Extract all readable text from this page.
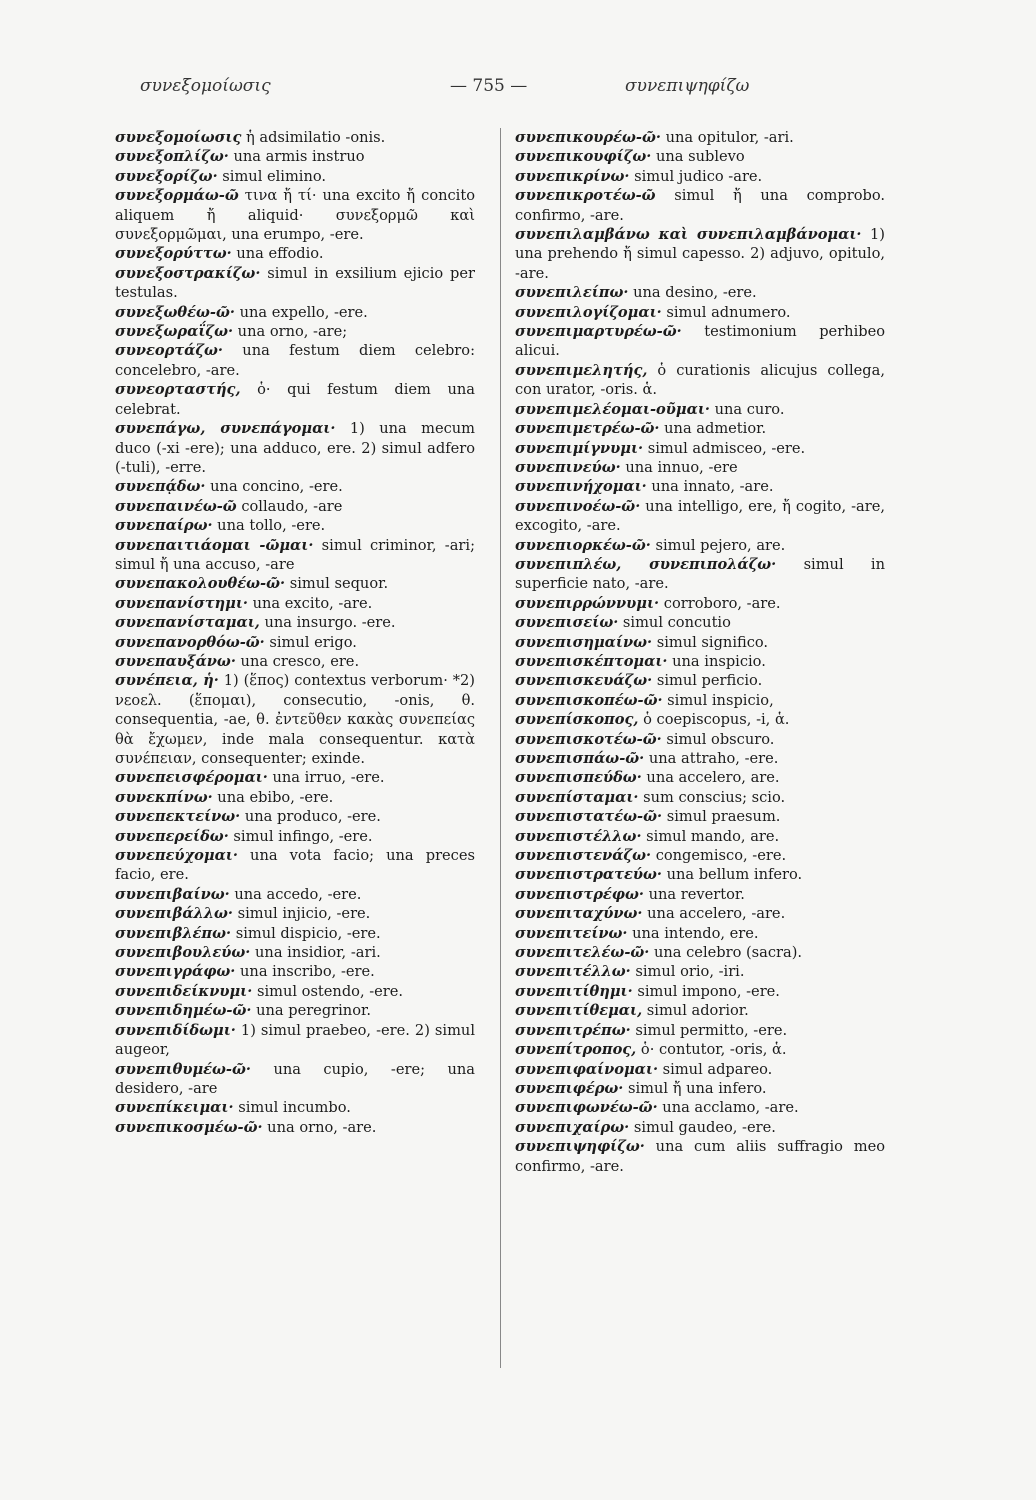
συνεξομοίωσις	— 755 —	συνεπιψηφίζω

συνεξομοίωσις ἡ adsimilatio -onis.

συνεξοπλίζω· una armis instruo

συνεξορίζω· simul elimino.

συνεξορμάω-ῶ τινα ἤ τί· una excito ἤ concito aliquem ἤ aliquid· συνεξορμῶ καὶ συνεξορμῶμαι, una erumpo, -ere.

συνεξορύττω· una effodio.

συνεξοστρακίζω· simul in exsilium ejicio per testulas.

συνεξωθέω-ῶ· una expello, -ere.

συνεξωραΐζω· una orno, -are;

συνεορτάζω· una festum diem celebro: concelebro, -are.

συνεορταστής, ὁ· qui festum diem una celebrat.

συνεπάγω, συνεπάγομαι· 1) una mecum duco (-xi -ere); una adduco, ere. 2) simul adfero (-tuli), -erre.

συνεπᾴδω· una concino, -ere.

συνεπαινέω-ῶ collaudo, -are

συνεπαίρω· una tollo, -ere.

συνεπαιτιάομαι -ῶμαι· simul criminor, -ari; simul ἤ una accuso, -are

συνεπακολουθέω-ῶ· simul sequor.

συνεπανίστημι· una excito, -are.

συνεπανίσταμαι, una insurgo. -ere.

συνεπανορθόω-ῶ· simul erigo.

συνεπαυξάνω· una cresco, ere.

συνέπεια, ἡ· 1) (ἕπος) contextus verborum· *2) νεοελ. (ἕπομαι), consecutio, -onis, θ. consequentia, -ae, θ. ἐντεῦθεν κακὰς συνεπείας θὰ ἔχωμεν, inde mala consequentur. κατὰ συνέπειαν, consequenter; exinde.

συνεπεισφέρομαι· una irruo, -ere.

συνεκπίνω· una ebibo, -ere.

συνεπεκτείνω· una produco, -ere.

συνεπερείδω· simul infingo, -ere.

συνεπεύχομαι· una vota facio; una preces facio, ere.

συνεπιβαίνω· una accedo, -ere.

συνεπιβάλλω· simul injicio, -ere.

συνεπιβλέπω· simul dispicio, -ere.

συνεπιβουλεύω· una insidior, -ari.

συνεπιγράφω· una inscribo, -ere.

συνεπιδείκνυμι· simul ostendo, -ere.

συνεπιδημέω-ῶ· una peregrinor.

συνεπιδίδωμι· 1) simul praebeo, -ere. 2) simul augeor,

συνεπιθυμέω-ῶ· una cupio, -ere; una desidero, -are

συνεπίκειμαι· simul incumbo.

συνεπικοσμέω-ῶ· una orno, -are.

συνεπικουρέω-ῶ· una opitulor, -ari.

συνεπικουφίζω· una sublevo

συνεπικρίνω· simul judico -are.

συνεπικροτέω-ῶ simul ἤ una comprobo. confirmo, -are.

συνεπιλαμβάνω καὶ συνεπιλαμβάνομαι· 1) una prehendo ἤ simul capesso. 2) adjuvo, opitulo, -are.

συνεπιλείπω· una desino, -ere.

συνεπιλογίζομαι· simul adnumero.

συνεπιμαρτυρέω-ῶ· testimonium perhibeo alicui.

συνεπιμελητής, ὁ curationis alicujus collega, con urator, -oris. ἁ.

συνεπιμελέομαι-οῦμαι· una curo.

συνεπιμετρέω-ῶ· una admetior.

συνεπιμίγνυμι· simul admisceo, -ere.

συνεπινεύω· una innuo, -ere

συνεπινήχομαι· una innato, -are.

συνεπινοέω-ῶ· una intelligo, ere, ἤ cogito, -are, excogito, -are.

συνεπιορκέω-ῶ· simul pejero, are.

συνεπιπλέω, συνεπιπολάζω· simul in superficie nato, -are.

συνεπιρρώννυμι· corroboro, -are.

συνεπισείω· simul concutio

συνεπισημαίνω· simul significo.

συνεπισκέπτομαι· una inspicio.

συνεπισκευάζω· simul perficio.

συνεπισκοπέω-ῶ· simul inspicio,

συνεπίσκοπος, ὁ coepiscopus, -i, ἁ.

συνεπισκοτέω-ῶ· simul obscuro.

συνεπισπάω-ῶ· una attraho, -ere.

συνεπισπεύδω· una accelero, are.

συνεπίσταμαι· sum conscius; scio.

συνεπιστατέω-ῶ· simul praesum.

συνεπιστέλλω· simul mando, are.

συνεπιστενάζω· congemisco, -ere.

συνεπιστρατεύω· una bellum infero.

συνεπιστρέφω· una revertor.

συνεπιταχύνω· una accelero, -are.

συνεπιτείνω· una intendo, ere.

συνεπιτελέω-ῶ· una celebro (sacra).

συνεπιτέλλω· simul orio, -iri.

συνεπιτίθημι· simul impono, -ere.

συνεπιτίθεμαι, simul adorior.

συνεπιτρέπω· simul permitto, -ere.

συνεπίτροπος, ὁ· contutor, -oris, ἁ.

συνεπιφαίνομαι· simul adpareo.

συνεπιφέρω· simul ἤ una infero.

συνεπιφωνέω-ῶ· una acclamo, -are.

συνεπιχαίρω· simul gaudeo, -ere.

συνεπιψηφίζω· una cum aliis suffragio meo confirmo, -are.
